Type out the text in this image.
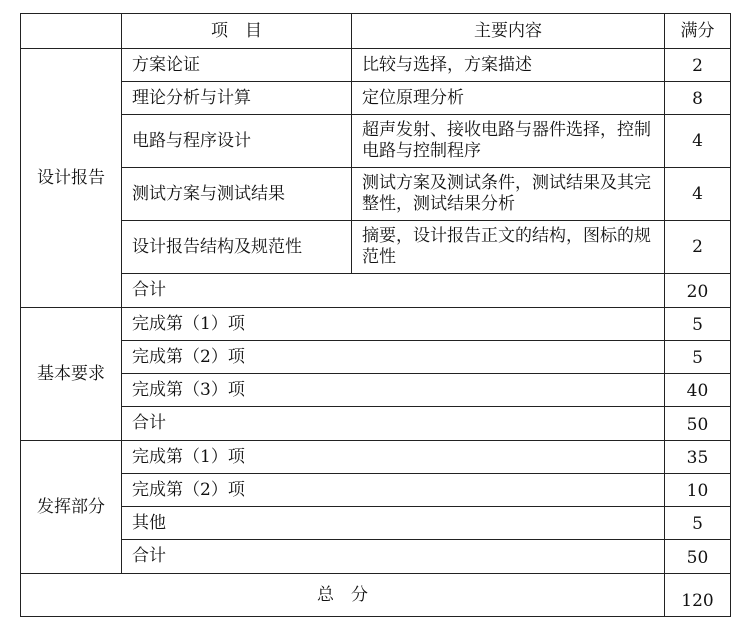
	项　目	主要内容	满分
设计报告	方案论证	比较与选择，方案描述	2
	理论分析与计算	定位原理分析	8
	电路与程序设计	超声发射、接收电路与器件选择，控制电路与控制程序	4
	测试方案与测试结果	测试方案及测试条件，测试结果及其完整性，测试结果分析	4
	设计报告结构及规范性	摘要，设计报告正文的结构，图标的规范性	2
	合计		20
基本要求	完成第（1）项		5
	完成第（2）项		5
	完成第（3）项		40
	合计		50
发挥部分	完成第（1）项		35
	完成第（2）项		10
	其他		5
	合计		50
总　分			120
